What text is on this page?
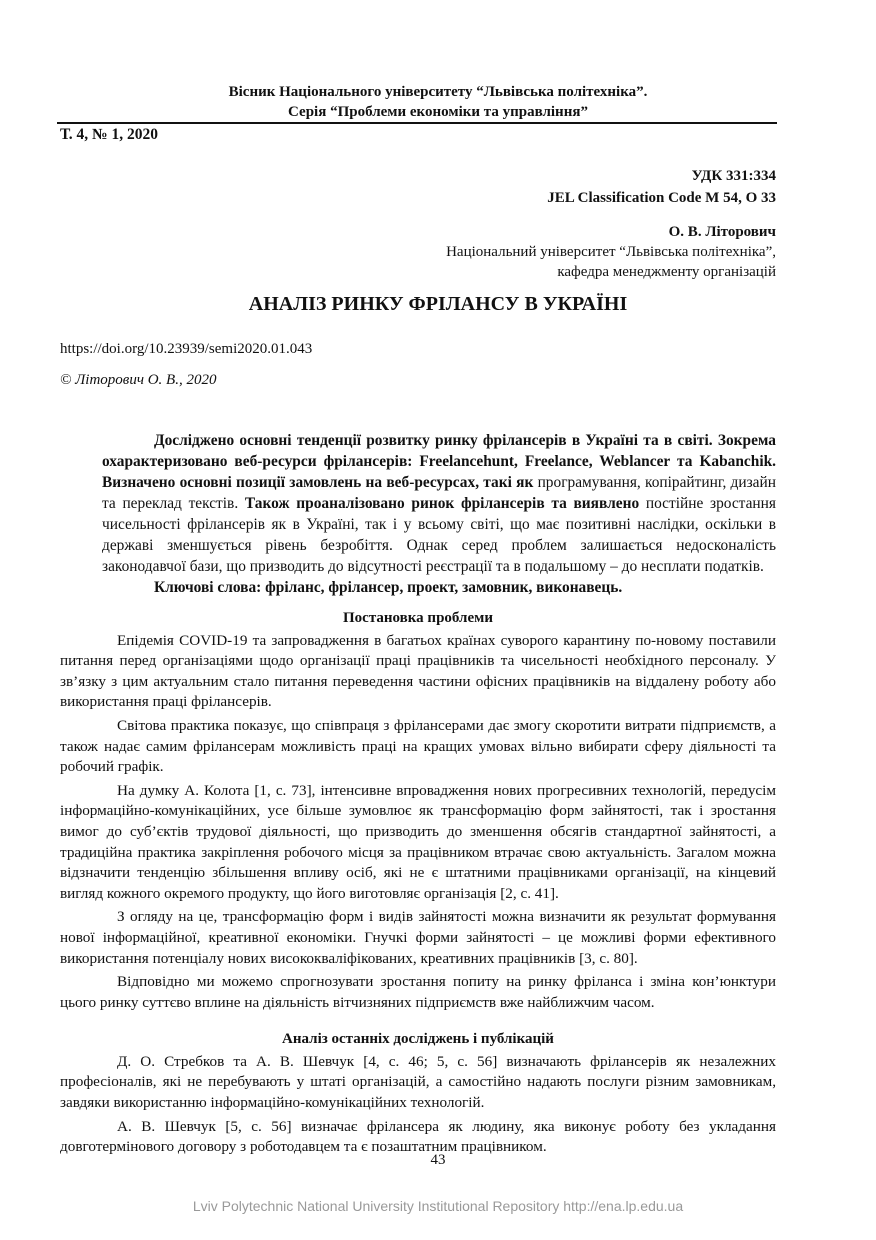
Вісник Національного університету “Львівська політехніка”.
Серія “Проблеми економіки та управління”
Т. 4, № 1, 2020
УДК 331:334
JEL Classification Code M 54, O 33
О. В. Літорович
Національний університет “Львівська політехніка”,
кафедра менеджменту організацій
АНАЛІЗ РИНКУ ФРІЛАНСУ В УКРАЇНІ
https://doi.org/10.23939/semi2020.01.043
© Літорович О. В., 2020

Досліджено основні тенденції розвитку ринку фрілансерів в Україні та в світі. Зокрема охарактеризовано веб-ресурси фрілансерів: Freelancehunt, Freelance, Weblancer та Kabanchik. Визначено основні позиції замовлень на веб-ресурсах, такі як програмування, копірайтинг, дизайн та переклад текстів. Також проаналізовано ринок фрілансерів та виявлено постійне зростання чисельності фрілансерів як в Україні, так і у всьому світі, що має позитивні наслідки, оскільки в державі зменшується рівень безробіття. Однак серед проблем залишається недосконалість законодавчої бази, що призводить до відсутності реєстрації та в подальшому – до несплати податків.

Ключові слова: фріланс, фрілансер, проект, замовник, виконавець.

Постановка проблеми

Епідемія COVID-19 та запровадження в багатьох країнах суворого карантину по-новому поставили питання перед організаціями щодо організації праці працівників та чисельності необхідного персоналу. У зв’язку з цим актуальним стало питання переведення частини офісних працівників на віддалену роботу або використання праці фрілансерів.

Світова практика показує, що співпраця з фрілансерами дає змогу скоротити витрати підприємств, а також надає самим фрілансерам можливість праці на кращих умовах вільно вибирати сферу діяльності та робочий графік.

На думку А. Колота [1, с. 73], інтенсивне впровадження нових прогресивних технологій, передусім інформаційно-комунікаційних, усе більше зумовлює як трансформацію форм зайнятості, так і зростання вимог до суб’єктів трудової діяльності, що призводить до зменшення обсягів стандартної зайнятості, а традиційна практика закріплення робочого місця за працівником втрачає свою актуальність. Загалом можна відзначити тенденцію збільшення впливу осіб, які не є штатними працівниками організації, на кінцевий вигляд кожного окремого продукту, що його виготовляє організація [2, с. 41].

З огляду на це, трансформацію форм і видів зайнятості можна визначити як результат формування нової інформаційної, креативної економіки. Гнучкі форми зайнятості – це можливі форми ефективного використання потенціалу нових висококваліфікованих, креативних працівників [3, с. 80].

Відповідно ми можемо спрогнозувати зростання попиту на ринку фріланса і зміна кон’юнктури цього ринку суттєво вплине на діяльність вітчизняних підприємств вже найближчим часом.

Аналіз останніх досліджень і публікацій

Д. О. Стребков та А. В. Шевчук [4, с. 46; 5, с. 56] визначають фрілансерів як незалежних професіоналів, які не перебувають у штаті організацій, а самостійно надають послуги різним замовникам, завдяки використанню інформаційно-комунікаційних технологій.

А. В. Шевчук [5, с. 56] визначає фрілансера як людину, яка виконує роботу без укладання довготермінового договору з роботодавцем та є позаштатним працівником.

43
Lviv Polytechnic National University Institutional Repository http://ena.lp.edu.ua
